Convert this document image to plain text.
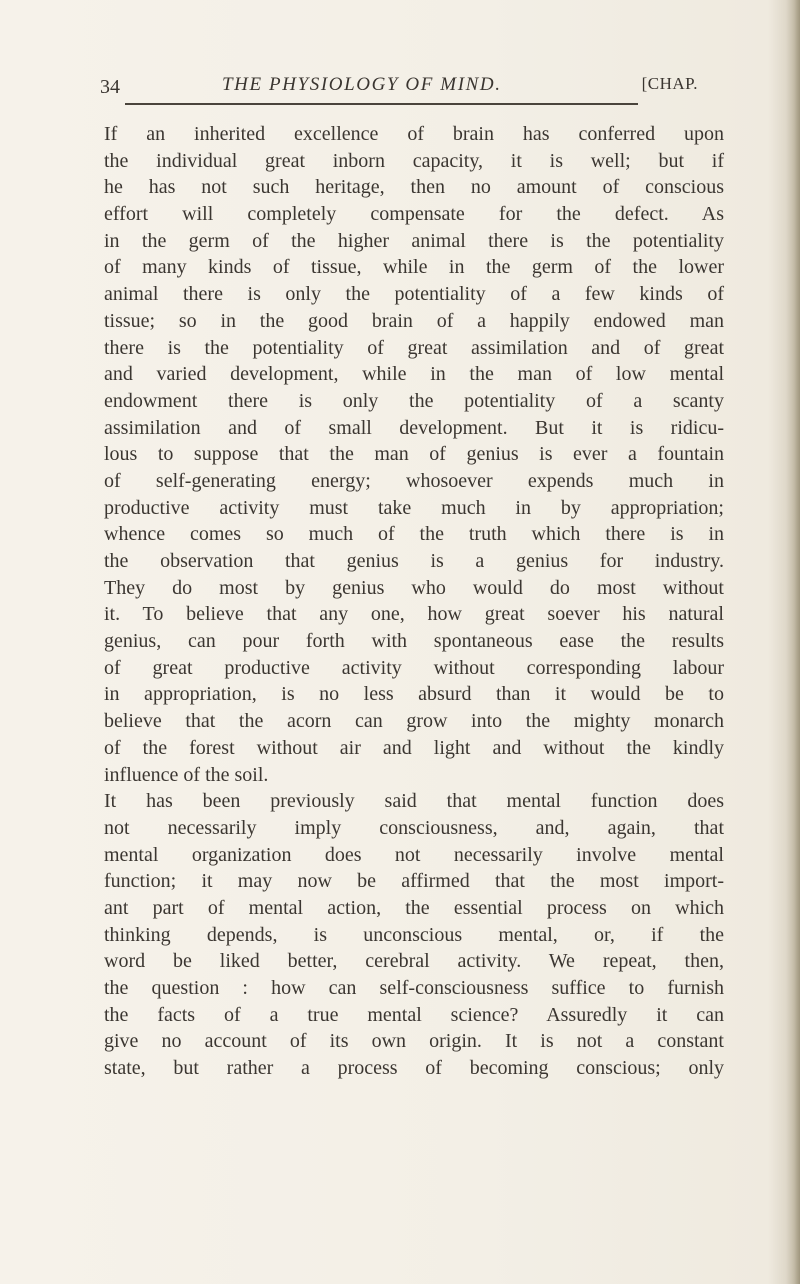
34	THE PHYSIOLOGY OF MIND.	[CHAP.
If an inherited excellence of brain has conferred upon
the individual great inborn capacity, it is well; but if
he has not such heritage, then no amount of conscious
effort will completely compensate for the defect. As
in the germ of the higher animal there is the potentiality
of many kinds of tissue, while in the germ of the lower
animal there is only the potentiality of a few kinds of
tissue; so in the good brain of a happily endowed man
there is the potentiality of great assimilation and of great
and varied development, while in the man of low mental
endowment there is only the potentiality of a scanty
assimilation and of small development. But it is ridicu-
lous to suppose that the man of genius is ever a fountain
of self-generating energy; whosoever expends much in
productive activity must take much in by appropriation;
whence comes so much of the truth which there is in
the observation that genius is a genius for industry.
They do most by genius who would do most without
it. To believe that any one, how great soever his natural
genius, can pour forth with spontaneous ease the results
of great productive activity without corresponding labour
in appropriation, is no less absurd than it would be to
believe that the acorn can grow into the mighty monarch
of the forest without air and light and without the kindly
influence of the soil.
It has been previously said that mental function does
not necessarily imply consciousness, and, again, that
mental organization does not necessarily involve mental
function; it may now be affirmed that the most import-
ant part of mental action, the essential process on which
thinking depends, is unconscious mental, or, if the
word be liked better, cerebral activity. We repeat, then,
the question : how can self-consciousness suffice to furnish
the facts of a true mental science? Assuredly it can
give no account of its own origin. It is not a constant
state, but rather a process of becoming conscious; only
